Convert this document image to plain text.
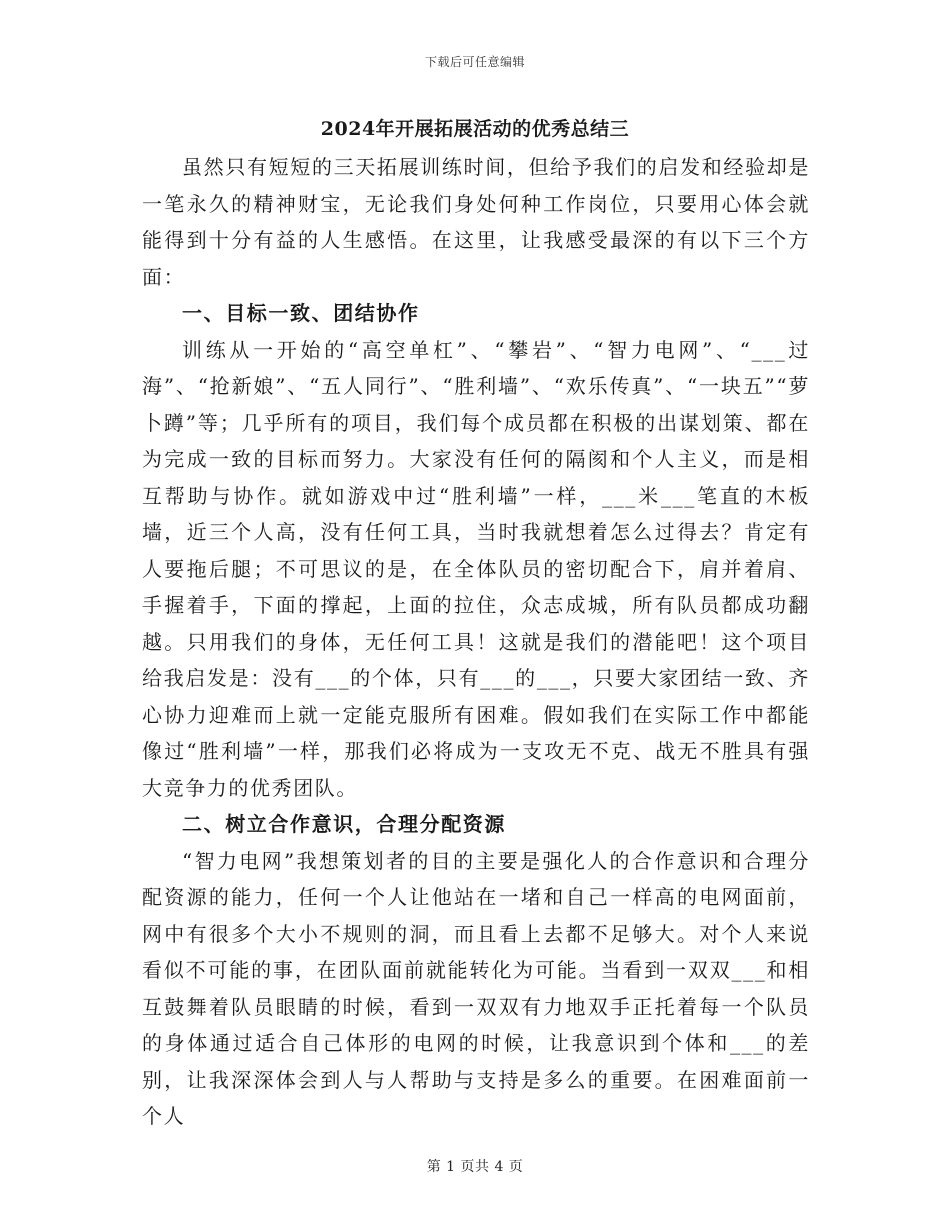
下载后可任意编辑
2024年开展拓展活动的优秀总结三

虽然只有短短的三天拓展训练时间，但给予我们的启发和经验却是一笔永久的精神财宝，无论我们身处何种工作岗位，只要用心体会就能得到十分有益的人生感悟。在这里，让我感受最深的有以下三个方面：

一、目标一致、团结协作

训练从一开始的“高空单杠”、“攀岩”、“智力电网”、“___过海”、“抢新娘”、“五人同行”、“胜利墙”、“欢乐传真”、“一块五”“萝卜蹲”等；几乎所有的项目，我们每个成员都在积极的出谋划策、都在为完成一致的目标而努力。大家没有任何的隔阂和个人主义，而是相互帮助与协作。就如游戏中过“胜利墙”一样，___米___笔直的木板墙，近三个人高，没有任何工具，当时我就想着怎么过得去？肯定有人要拖后腿；不可思议的是，在全体队员的密切配合下，肩并着肩、手握着手，下面的撑起，上面的拉住，众志成城，所有队员都成功翻越。只用我们的身体，无任何工具！这就是我们的潜能吧！这个项目给我启发是：没有___的个体，只有___的___，只要大家团结一致、齐心协力迎难而上就一定能克服所有困难。假如我们在实际工作中都能像过“胜利墙”一样，那我们必将成为一支攻无不克、战无不胜具有强大竞争力的优秀团队。

二、树立合作意识，合理分配资源

“智力电网”我想策划者的目的主要是强化人的合作意识和合理分配资源的能力，任何一个人让他站在一堵和自己一样高的电网面前，网中有很多个大小不规则的洞，而且看上去都不足够大。对个人来说看似不可能的事，在团队面前就能转化为可能。当看到一双双___和相互鼓舞着队员眼睛的时候，看到一双双有力地双手正托着每一个队员的身体通过适合自己体形的电网的时候，让我意识到个体和___的差别，让我深深体会到人与人帮助与支持是多么的重要。在困难面前一个人

第 1 页共 4 页
